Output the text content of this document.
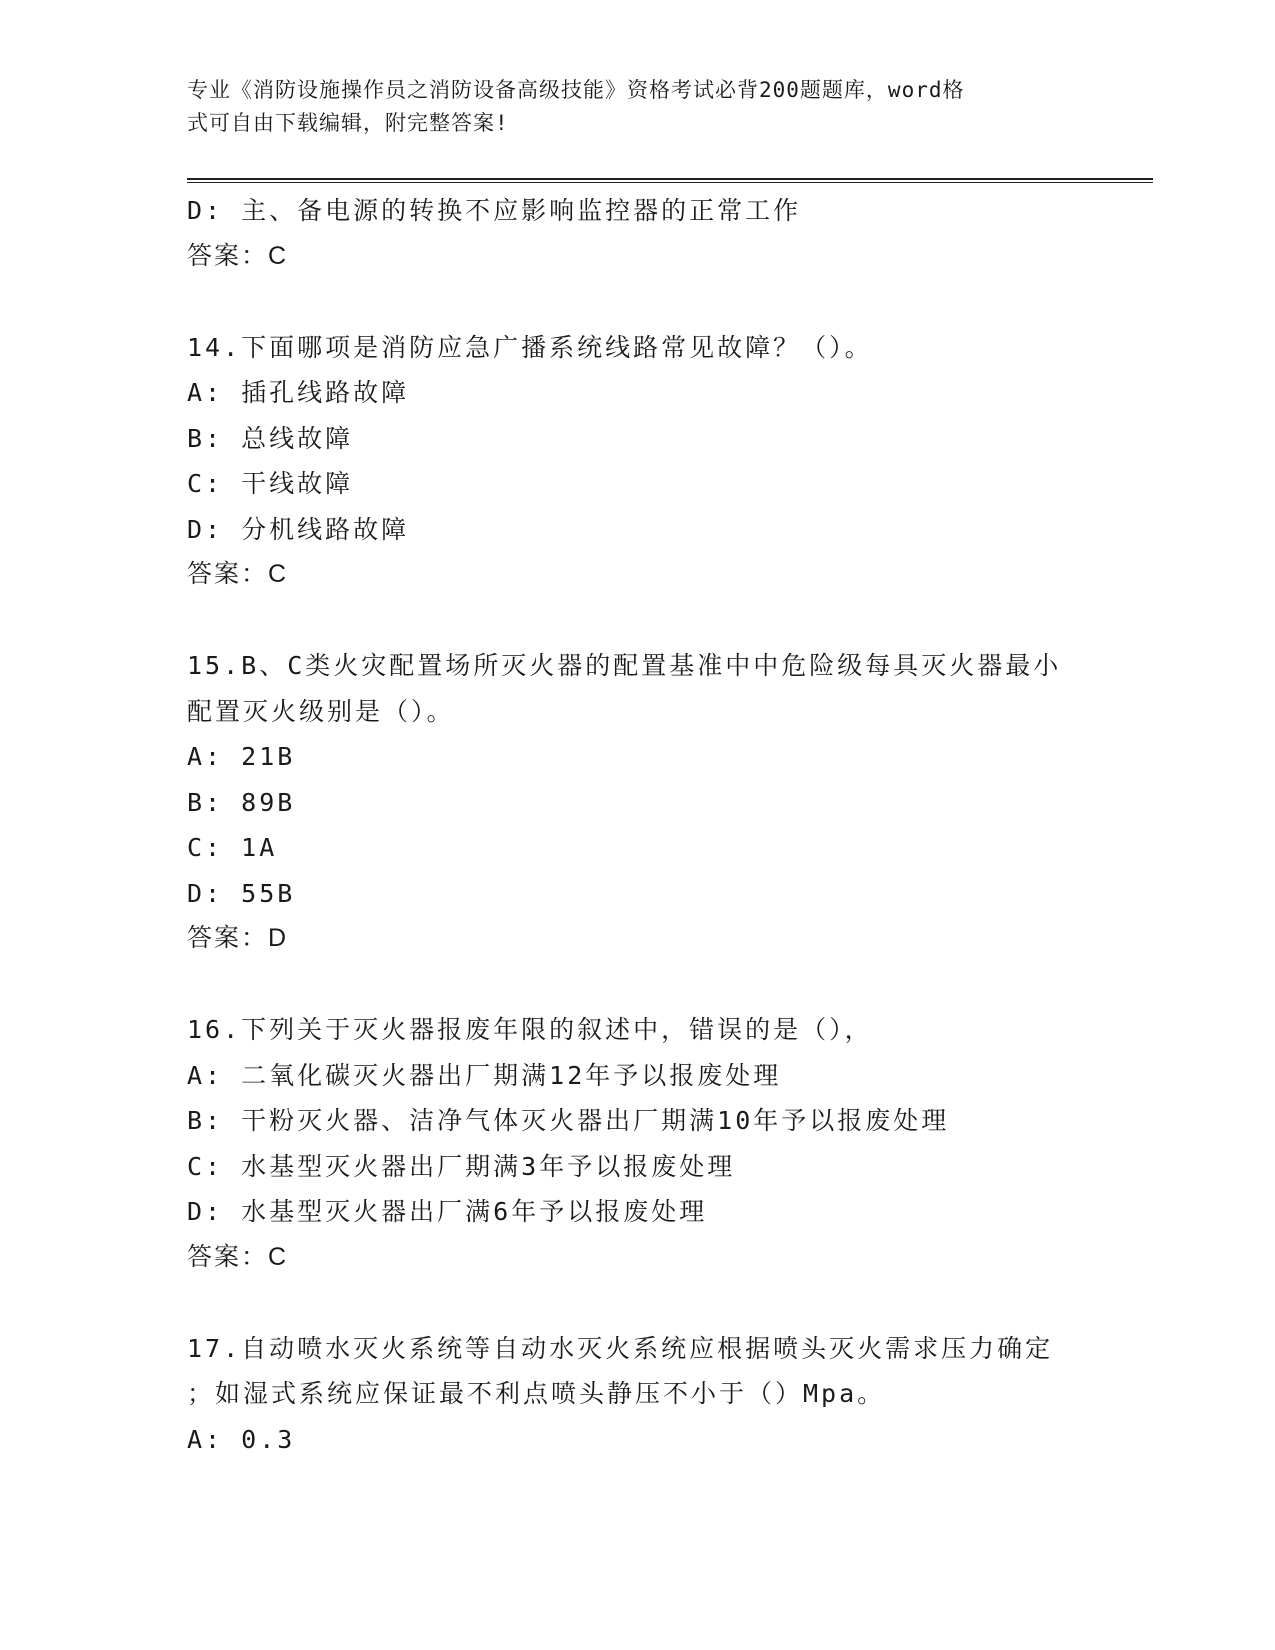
专业《消防设施操作员之消防设备高级技能》资格考试必背200题题库，word格
式可自由下载编辑，附完整答案!
D: 主、备电源的转换不应影响监控器的正常工作
答案：C
14.下面哪项是消防应急广播系统线路常见故障？（）。
A: 插孔线路故障
B: 总线故障
C: 干线故障
D: 分机线路故障
答案：C
15.B、C类火灾配置场所灭火器的配置基准中中危险级每具灭火器最小
配置灭火级别是（）。
A: 21B
B: 89B
C: 1A
D: 55B
答案：D
16.下列关于灭火器报废年限的叙述中，错误的是（），
A: 二氧化碳灭火器出厂期满12年予以报废处理
B: 干粉灭火器、洁净气体灭火器出厂期满10年予以报废处理
C: 水基型灭火器出厂期满3年予以报废处理
D: 水基型灭火器出厂满6年予以报废处理
答案：C
17.自动喷水灭火系统等自动水灭火系统应根据喷头灭火需求压力确定
；如湿式系统应保证最不利点喷头静压不小于（）Mpa。
A: 0.3
